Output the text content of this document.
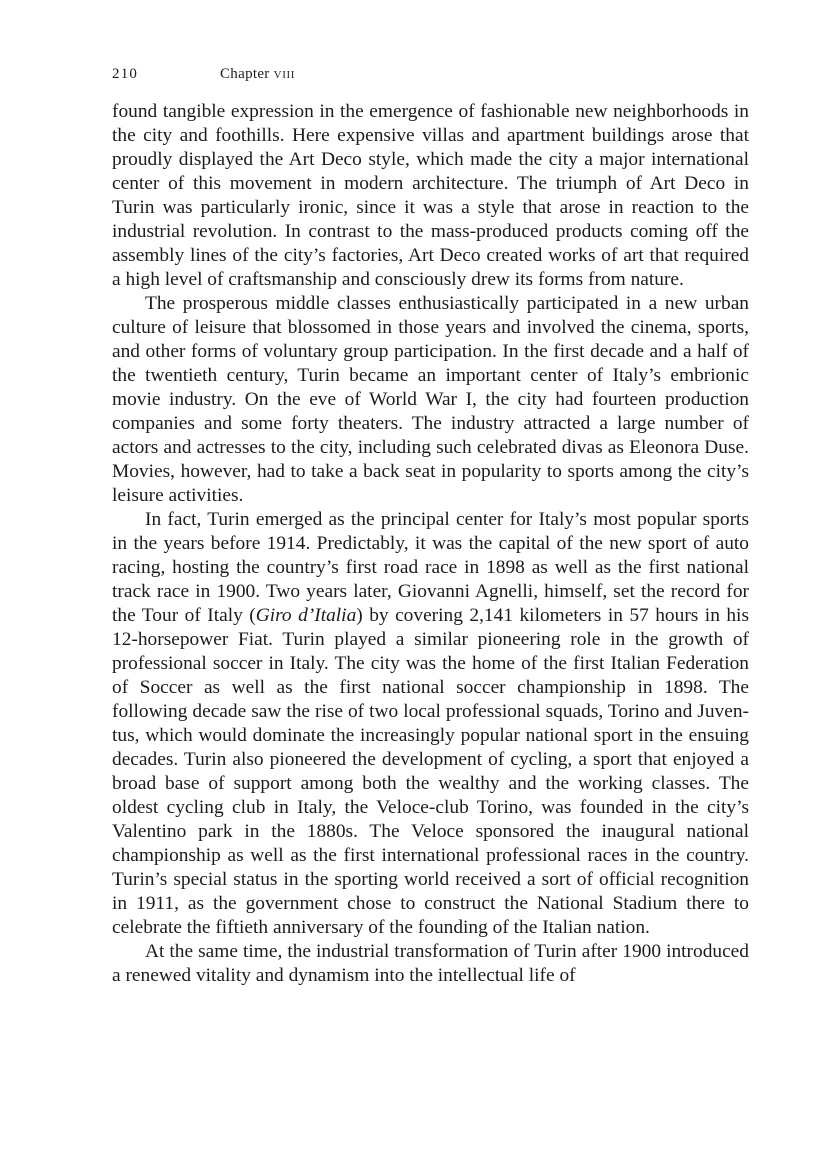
210	Chapter viii

found tangible expression in the emergence of fashionable new neighborhoods in the city and foothills. Here expensive villas and apartment buildings arose that proudly displayed the Art Deco style, which made the city a major international center of this movement in modern architecture. The triumph of Art Deco in Turin was particularly ironic, since it was a style that arose in reaction to the industrial revolution. In contrast to the mass-produced products coming off the assembly lines of the city’s factories, Art Deco created works of art that required a high level of craftsmanship and consciously drew its forms from nature.

The prosperous middle classes enthusiastically participated in a new urban culture of leisure that blossomed in those years and involved the cinema, sports, and other forms of voluntary group participation. In the first decade and a half of the twentieth century, Turin became an important center of Italy’s embrionic movie industry. On the eve of World War I, the city had fourteen production companies and some forty theaters. The industry attracted a large number of actors and actresses to the city, including such celebrated divas as Eleonora Duse. Movies, however, had to take a back seat in popularity to sports among the city’s leisure activities.

In fact, Turin emerged as the principal center for Italy’s most popular sports in the years before 1914. Predictably, it was the capital of the new sport of auto racing, hosting the country’s first road race in 1898 as well as the first national track race in 1900. Two years later, Giovanni Agnelli, himself, set the record for the Tour of Italy (Giro d’Italia) by covering 2,141 kilometers in 57 hours in his 12-horsepower Fiat. Turin played a similar pioneering role in the growth of professional soccer in Italy. The city was the home of the first Italian Federation of Soccer as well as the first national soccer championship in 1898. The following decade saw the rise of two local professional squads, Torino and Juventus, which would dominate the increasingly popular national sport in the ensuing decades. Turin also pioneered the development of cycling, a sport that enjoyed a broad base of support among both the wealthy and the working classes. The oldest cycling club in Italy, the Veloce-club Torino, was founded in the city’s Valentino park in the 1880s. The Veloce sponsored the inaugural national championship as well as the first international professional races in the country. Turin’s special status in the sporting world received a sort of official recognition in 1911, as the government chose to construct the National Stadium there to celebrate the fiftieth anniversary of the founding of the Italian nation.

At the same time, the industrial transformation of Turin after 1900 introduced a renewed vitality and dynamism into the intellectual life of
